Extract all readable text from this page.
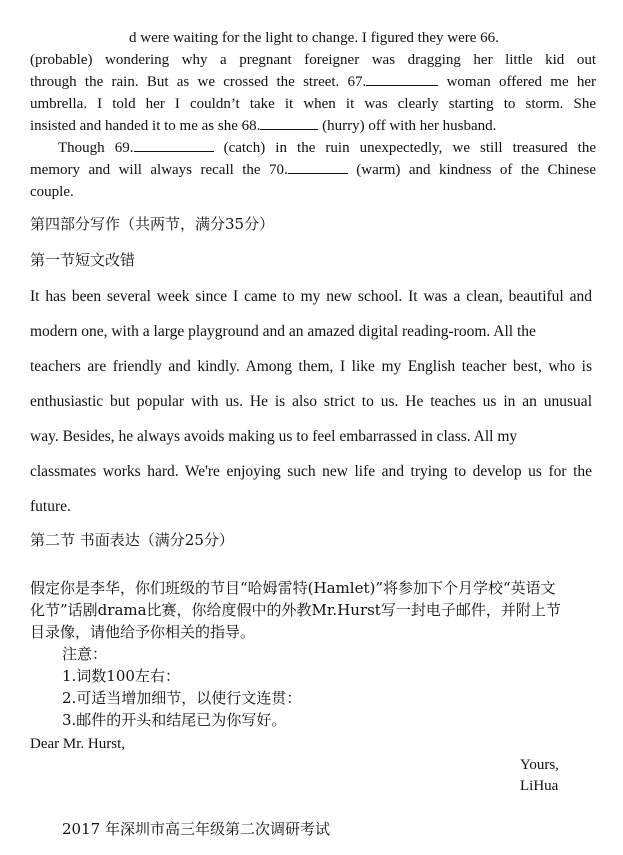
d were waiting for the light to change. I figured they were 66.
(probable) wondering why a pregnant foreigner was dragging her little kid out
through the rain. But as we crossed the street. 67.	woman offered me her
umbrella. I told her I couldn’t take it when it was clearly starting to storm. She
insisted and handed it to me as she 68.	(hurry) off with her husband.
Though 69.	(catch) in the ruin unexpectedly, we still treasured the
memory and will always recall the 70.	(warm) and kindness of the Chinese
couple.
第四部分写作（共两节，满分35分）
第一节短文改错
It has been several week since I came to my new school. It was a clean, beautiful and
modern one, with a large playground and an amazed digital reading-room. All the
teachers are friendly and kindly. Among them, I like my English teacher best, who is
enthusiastic but popular with us. He is also strict to us. He teaches us in an unusual
way. Besides, he always avoids making us to feel embarrassed in class. All my
classmates works hard. We're enjoying such new life and trying to develop us for the
future.
第二节 书面表达（满分25分）
假定你是李华，你们班级的节目“哈姆雷特(Hamlet)”将参加下个月学校“英语文
化节”话剧drama比赛，你给度假中的外教Mr.Hurst写一封电子邮件，并附上节
目录像，请他给予你相关的指导。
注意：
1.词数100左右：
2.可适当增加细节，以使行文连贯：
3.邮件的开头和结尾已为你写好。
Dear Mr. Hurst,
Yours,
LiHua
2017 年深圳市高三年级第二次调研考试
